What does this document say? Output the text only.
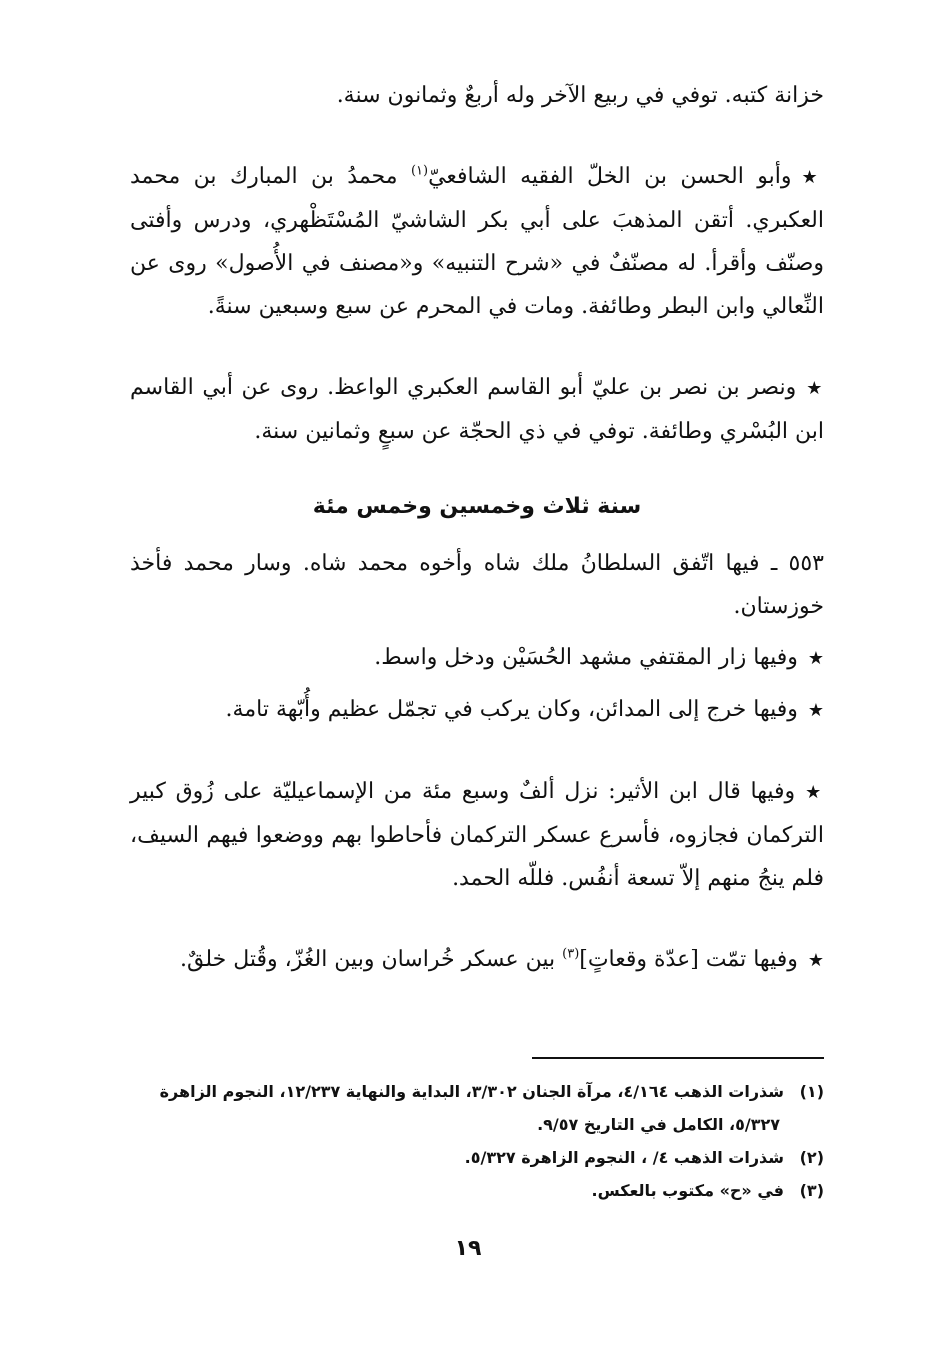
خزانة كتبه. توفي في ربيع الآخر وله أربعٌ وثمانون سنة.

★وأبو الحسن بن الخلّ الفقيه الشافعيّ$^{(١)}$ محمدُ بن المبارك بن محمد العكبري. أتقن المذهبَ على أبي بكر الشاشيّ المُسْتَظْهري، ودرس وأفتى وصنّف وأقرأ. له مصنّفٌ في «شرح التنبيه» و«مصنف في الأُصول» روى عن النِّعالي وابن البطر وطائفة. ومات في المحرم عن سبع وسبعين سنةً.

★ونصر بن نصر بن عليّ أبو القاسم العكبري الواعظ. روى عن أبي القاسم ابن البُسْري وطائفة. توفي في ذي الحجّة عن سبعٍ وثمانين سنة.

سنة ثلاث وخمسين وخمس مئة

٥٥٣ ـ فيها اتّفق السلطانُ ملك شاه وأخوه محمد شاه. وسار محمد فأخذ خوزستان.

★وفيها زار المقتفي مشهد الحُسَيْن ودخل واسط.

★وفيها خرج إلى المدائن، وكان يركب في تجمّل عظيم وأُبّهة تامة.

★وفيها قال ابن الأثير: نزل ألفٌ وسبع مئة من الإسماعيليّة على زُوق كبير التركمان فجازوه، فأسرع عسكر التركمان فأحاطوا بهم ووضعوا فيهم السيف، فلم ينجُ منهم إلاّ تسعة أنفُس. فللّه الحمد.

★وفيها تمّت [عدّة وقعاتٍ]$^{(٣)}$ بين عسكر خُراسان وبين الغُزّ، وقُتل خلقٌ.

(١)شذرات الذهب ٤/١٦٤، مرآة الجنان ٣/٣٠٢، البداية والنهاية ١٢/٢٣٧، النجوم الزاهرة

٥/٣٢٧، الكامل في التاريخ ٩/٥٧.

(٢)شذرات الذهب ٤/ ، النجوم الزاهرة ٥/٣٢٧.

(٣)في «ح» مكتوب بالعكس.

١٩
